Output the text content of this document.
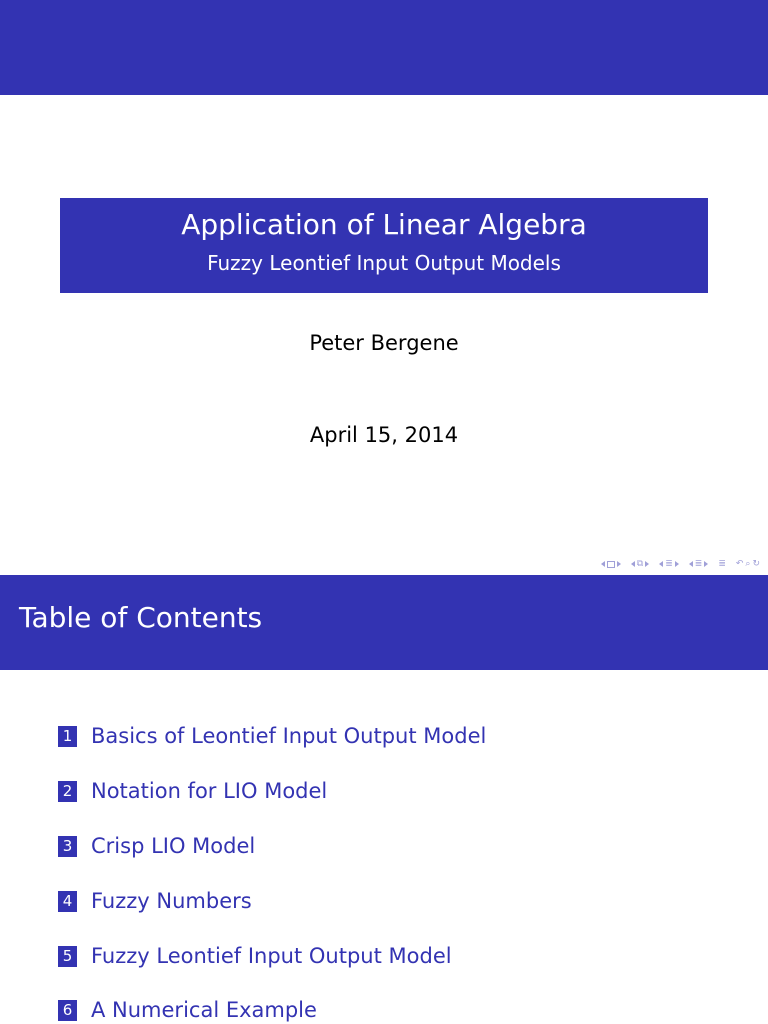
Application of Linear Algebra
Fuzzy Leontief Input Output Models
Peter Bergene
April 15, 2014
⧉ ≣ ≣ ≣ ↶ ⌕ ↻
Table of Contents
1 Basics of Leontief Input Output Model
2 Notation for LIO Model
3 Crisp LIO Model
4 Fuzzy Numbers
5 Fuzzy Leontief Input Output Model
6 A Numerical Example
